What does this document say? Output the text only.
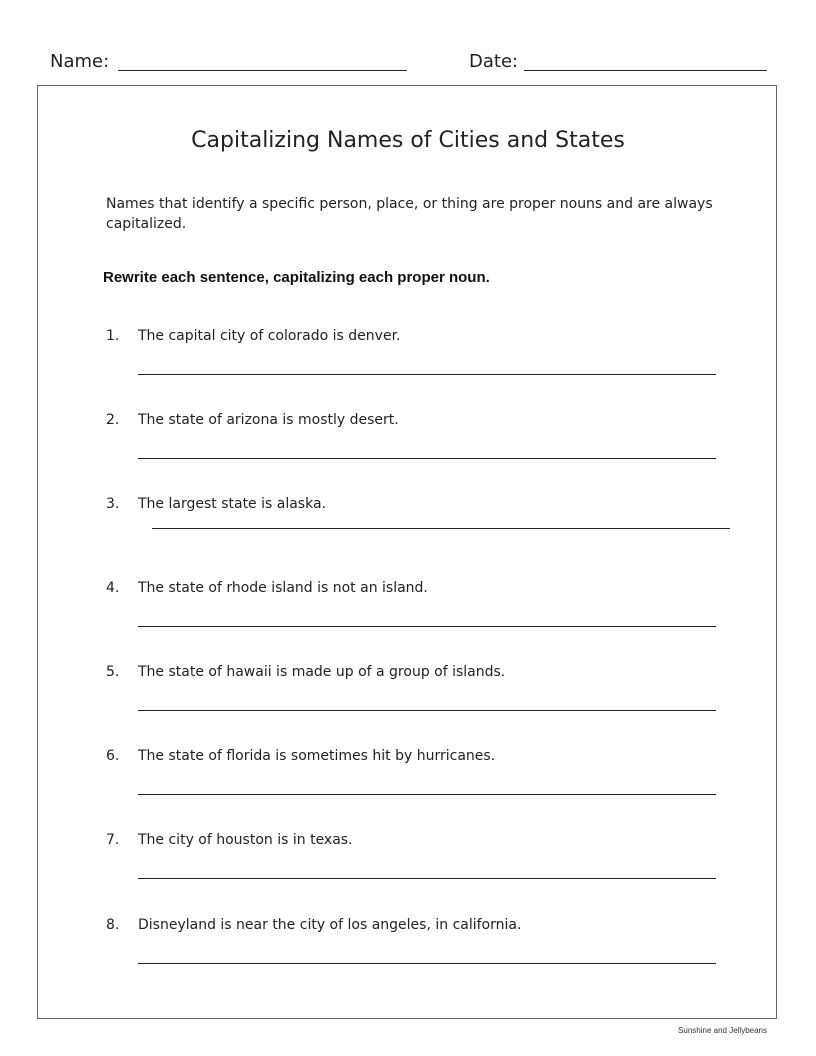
Name:	Date:
Capitalizing Names of Cities and States
Names that identify a specific person, place, or thing are proper nouns and are always capitalized.
Rewrite each sentence, capitalizing each proper noun.
1. The capital city of colorado is denver.
2. The state of arizona is mostly desert.
3. The largest state is alaska.
4. The state of rhode island is not an island.
5. The state of hawaii is made up of a group of islands.
6. The state of florida is sometimes hit by hurricanes.
7. The city of houston is in texas.
8. Disneyland is near the city of los angeles, in california.
Sunshine and Jellybeans
